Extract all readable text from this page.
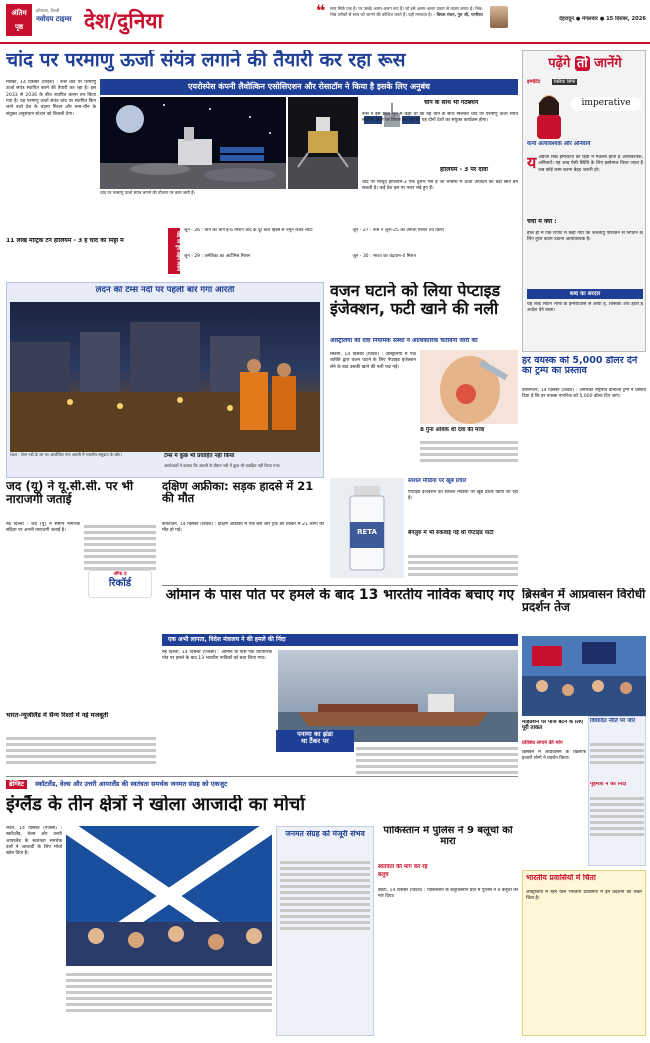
अंतिम
पृष्ठ
हरियाणा, दिल्ली
नवोदय टाइम्स देश/दुनिया	❝	सत्य सिर्फ एक है। पर उसके अलग-अलग रूप हैं। जो इसे अलग-अलग प्रकार से व्यक्त करता है। भिन्न-भिन्न तरीकों से सत्य को जानने की कोशिश करते हैं। यही मानवता है। - विचार मंथन, गुरु जी, पानीपत
देहरादून ● मंगलवार ● 15 दिसंबर, 2026
चांद पर परमाणु ऊर्जा संयंत्र लगाने की तैयारी कर रहा रूस
एयरोस्पेस कंपनी लैवोत्किन एसोसिएशन और रोसाटॉम ने किया है इसके लिए अनुबंध
मॉस्को, 14 दिसंबर (विदेश) : रूस चांद पर परमाणु ऊर्जा संयंत्र स्थापित करने की तैयारी कर रहा है। इस 2033 से 2036 के बीच स्थापित करना तय किया गया है। यह परमाणु ऊर्जा संयंत्र चांद पर स्थापित किए जाने वाले देश के चंद्रमा मिशन और रूस-चीन के संयुक्त अनुसंधान स्टेशन को बिजली देगा।
चांद पर परमाणु ऊर्जा संयंत्र लगाने की योजना पर काम जारी है।
चीन के साथ भी गठबंधन
रूस ने इस साल जून में कहा था कि वह चीन के साथ मिलकर चांद पर परमाणु ऊर्जा संयंत्र स्थापित करने पर विचार कर रहा है। यह दोनों देशों का संयुक्त कार्यक्रम होगा।
हीलियम - 3 पर दावा
चांद पर मौजूद हीलियम-3 एक दुर्लभ गैस है जो भविष्य में ऊर्जा उत्पादन का बड़ा स्रोत बन सकती है। कई देश इस पर नजर रखे हुए हैं।
11 लाख मीट्रिक टन हीलियम - 3 है चांद की मिट्टी में	चांद पर हुए अहम मिशन
जून - 26 : चीन का चांग'ई-6 मिशन चांद के दूर वाले हिस्से से नमूने लेकर लौटा	जून - 27 : रूस ने लूना-25 का अगला मिशन तय किया
जून - 29 : अमेरिका का आर्टेमिस मिशन	जून - 30 : भारत का चंद्रयान-4 मिशन
पढ़ेंगे तो जानेंगे
इम्पॉर्टेंट	क्लिक सिर्फ
imperative
यानी अत्यावश्यक और अनिवार्य
य अंग्रेजी शब्द इम्पेरेटिव का हिंदी में मतलब होता है अत्यावश्यक, अनिवार्य। यह शब्द ऐसी स्थिति के लिए इस्तेमाल किया जाता है जब कोई काम करना बेहद जरूरी हो।
चर्चा में क्यों :
हाल ही में एक रिपोर्ट में कहा गया कि जलवायु परिवर्तन से निपटने के लिए तुरंत कदम उठाना अत्यावश्यक है।
शब्द का सरदार
यह शब्द लैटिन भाषा के इम्पेरेटिवस से आया है, जिसका अर्थ होता है आदेश देने वाला।
लंदन की टेम्स नदी पर पहली बार गंगा आरती
लंदन : टेम्स नदी के तट पर आयोजित गंगा आरती में भारतीय समुदाय के लोग।	टेम्स में कुछ भी प्रवाहित नहीं किया
आयोजकों ने बताया कि आरती के दौरान नदी में कुछ भी प्रवाहित नहीं किया गया।
वजन घटाने को लिया पेप्टाइड इंजेक्शन, फटी खाने की नली
ऑस्ट्रेलिया की दवा नियामक संस्था ने आधिकारिक चेतावनी जारी की
सिडनी, 14 दिसंबर (विदेश) : ऑस्ट्रेलिया में एक व्यक्ति द्वारा वजन घटाने के लिए पेप्टाइड इंजेक्शन लेने के बाद उसकी खाने की नली फट गई।
8 गुना अधिक थी दवा की मात्रा
RETA
सोशल मीडिया पर खूब प्रचार
पेप्टाइड इंजेक्शन का सोशल मीडिया पर खूब प्रचार किया जा रहा है।
बेंगलुरु में भी रुकवाई गई थी पेप्टाइड पार्टी
हर वयस्क को 5,000 डॉलर देने का ट्रम्प का प्रस्ताव
वॉशिंगटन, 14 दिसंबर (विदेश) : अमेरिकी राष्ट्रपति डोनाल्ड ट्रम्प ने प्रस्ताव दिया है कि हर वयस्क नागरिक को 5,000 डॉलर दिए जाएं।
जद (यू) ने यू.सी.सी. पर भी नाराजगी जताई
नई दिल्ली : जद (यू) ने समान नागरिक संहिता पर अपनी नाराजगी जताई है।
ऑफ द
रिकॉर्ड
दक्षिण अफ्रीका: सड़क हादसे में 21 की मौत
केपटाउन, 14 दिसंबर (विदेश) : दक्षिण अफ्रीका में एक बस और ट्रक की टक्कर में 21 लोगों की मौत हो गई।
ओमान के पास पोत पर हमले के बाद 13 भारतीय नाविक बचाए गए
एक अभी लापता, विदेश मंत्रालय ने की हमले की निंदा
नई दिल्ली, 14 दिसंबर (एजेंसी) : ओमान के पास एक व्यापारिक पोत पर हमले के बाद 13 भारतीय नाविकों को बचा लिया गया।
पनामा का झंडा
था टैंकर पर
ब्रिसबेन में आप्रवासन विरोधी प्रदर्शन तेज
माइग्रेशन पर पॉज बटन के लिए पूरी ताकत
प्रतिबंध लगाने की मांग
ब्रिसबेन में आप्रवासन के खिलाफ हजारों लोगों ने प्रदर्शन किया।
विवादित नीति पर जोर
गृहमंत्री ने की निंदा
भारतीय प्रवासियों में चिंता
ऑस्ट्रेलिया में रहने वाले भारतीय प्रवासियों में इन प्रदर्शनों को लेकर चिंता है।
भारत-न्यूजीलैंड में सैन्य रिश्तों में नई मजबूती
ब्रेग्जिट स्कॉटलैंड, वेल्स और उत्तरी आयरलैंड की स्वतंत्रता समर्थक जनमत संग्रह को एकजुट
इंग्लैंड के तीन क्षेत्रों ने खोला आजादी का मोर्चा
लंदन, 14 दिसंबर (एजेंसी) : स्कॉटलैंड, वेल्स और उत्तरी आयरलैंड के स्वतंत्रता समर्थक दलों ने आजादी के लिए मोर्चा खोल दिया है।
जनमत संग्रह को मंजूरी संभव	पाकिस्तान में पुलिस ने 9 बलूचों को मारा
स्वतंत्रता की मांग कर रहे बलूच
क्वेटा, 14 दिसंबर (विदेश) : पाकिस्तान के बलूचिस्तान प्रांत में पुलिस ने 9 बलूचों को मार दिया।
